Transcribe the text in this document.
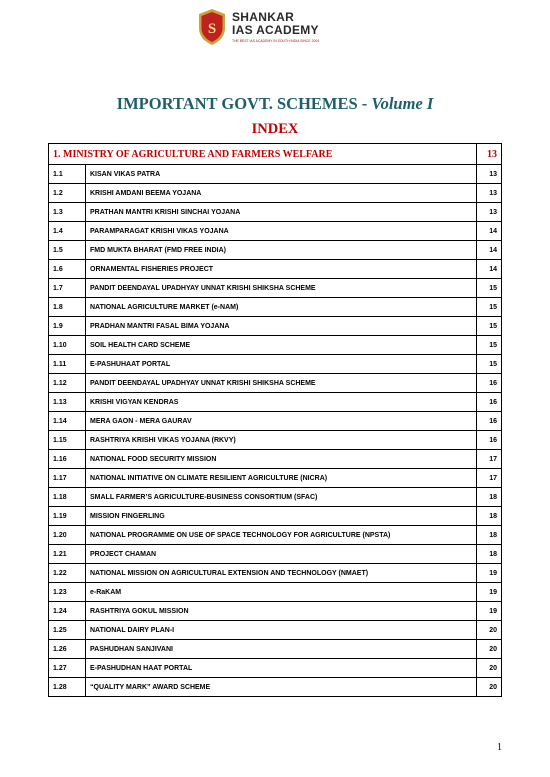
S
SHANKAR
IAS ACADEMY
THE BEST IAS ACADEMY IN SOUTH INDIA SINCE 2004
IMPORTANT GOVT. SCHEMES - Volume I
INDEX
1. MINISTRY OF AGRICULTURE AND FARMERS WELFARE		13
1.1	KISAN VIKAS PATRA	13
1.2	KRISHI AMDANI BEEMA YOJANA	13
1.3	PRATHAN MANTRI KRISHI SINCHAI YOJANA	13
1.4	PARAMPARAGAT KRISHI VIKAS YOJANA	14
1.5	FMD MUKTA BHARAT (FMD FREE INDIA)	14
1.6	ORNAMENTAL FISHERIES PROJECT	14
1.7	PANDIT DEENDAYAL UPADHYAY UNNAT KRISHI SHIKSHA SCHEME	15
1.8	NATIONAL AGRICULTURE MARKET (e-NAM)	15
1.9	PRADHAN MANTRI FASAL BIMA YOJANA	15
1.10	SOIL HEALTH CARD SCHEME	15
1.11	E-PASHUHAAT PORTAL	15
1.12	PANDIT DEENDAYAL UPADHYAY UNNAT KRISHI SHIKSHA SCHEME	16
1.13	KRISHI VIGYAN KENDRAS	16
1.14	MERA GAON - MERA GAURAV	16
1.15	RASHTRIYA KRISHI VIKAS YOJANA (RKVY)	16
1.16	NATIONAL FOOD SECURITY MISSION	17
1.17	NATIONAL INITIATIVE ON CLIMATE RESILIENT AGRICULTURE (NICRA)	17
1.18	SMALL FARMER’S AGRICULTURE-BUSINESS CONSORTIUM (SFAC)	18
1.19	MISSION FINGERLING	18
1.20	NATIONAL PROGRAMME ON USE OF SPACE TECHNOLOGY FOR AGRICULTURE (NPSTA)	18
1.21	PROJECT CHAMAN	18
1.22	NATIONAL MISSION ON AGRICULTURAL EXTENSION AND TECHNOLOGY (NMAET)	19
1.23	e-RaKAM	19
1.24	RASHTRIYA GOKUL MISSION	19
1.25	NATIONAL DAIRY PLAN-I	20
1.26	PASHUDHAN SANJIVANI	20
1.27	E-PASHUDHAN HAAT PORTAL	20
1.28	“QUALITY MARK” AWARD SCHEME	20
1
